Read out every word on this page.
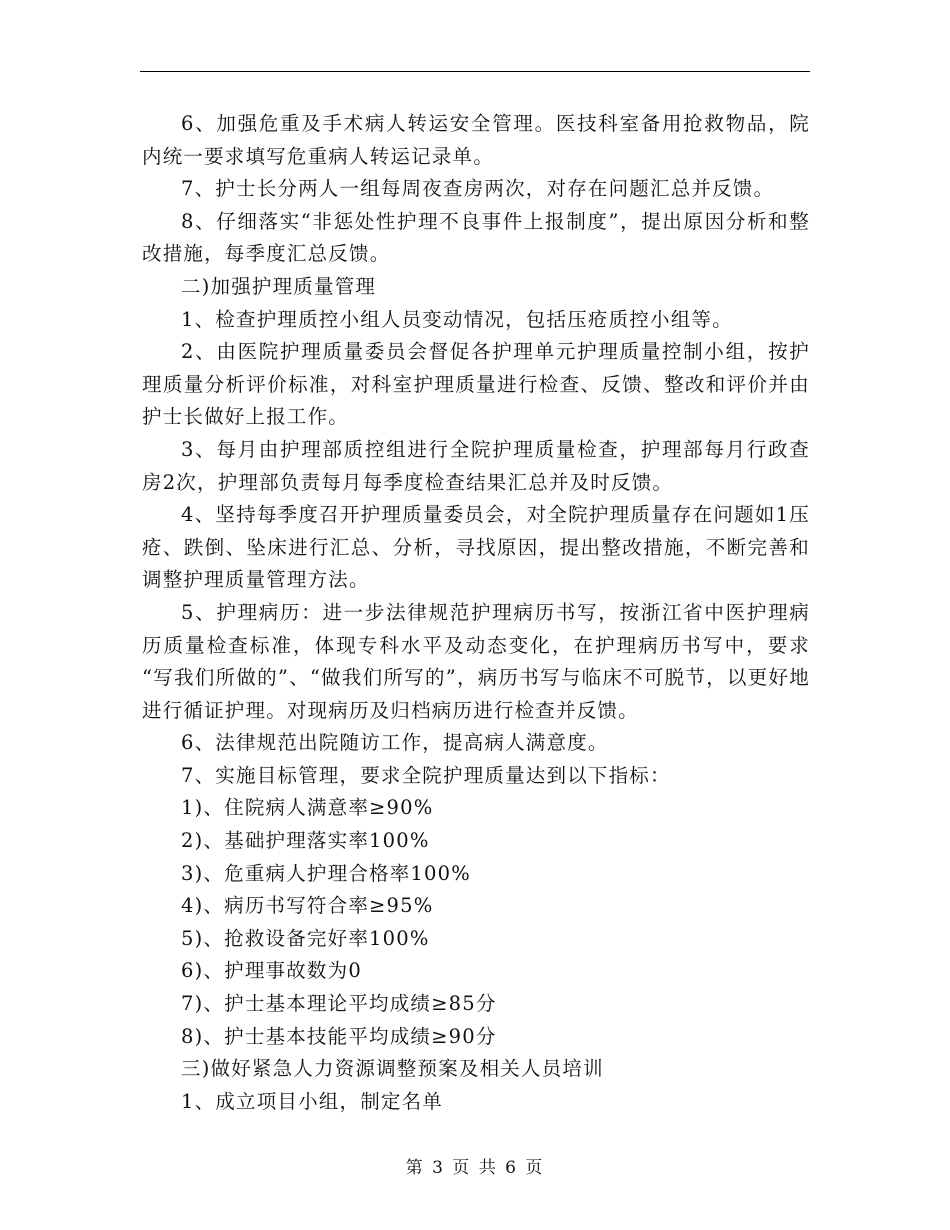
6、加强危重及手术病人转运安全管理。医技科室备用抢救物品，院内统一要求填写危重病人转运记录单。

7、护士长分两人一组每周夜查房两次，对存在问题汇总并反馈。

8、仔细落实“非惩处性护理不良事件上报制度”，提出原因分析和整改措施，每季度汇总反馈。

二)加强护理质量管理

1、检查护理质控小组人员变动情况，包括压疮质控小组等。

2、由医院护理质量委员会督促各护理单元护理质量控制小组，按护理质量分析评价标准，对科室护理质量进行检查、反馈、整改和评价并由护士长做好上报工作。

3、每月由护理部质控组进行全院护理质量检查，护理部每月行政查房2次，护理部负责每月每季度检查结果汇总并及时反馈。

4、坚持每季度召开护理质量委员会，对全院护理质量存在问题如1压疮、跌倒、坠床进行汇总、分析，寻找原因，提出整改措施，不断完善和调整护理质量管理方法。

5、护理病历：进一步法律规范护理病历书写，按浙江省中医护理病历质量检查标准，体现专科水平及动态变化，在护理病历书写中，要求 “写我们所做的”、“做我们所写的”，病历书写与临床不可脱节，以更好地进行循证护理。对现病历及归档病历进行检查并反馈。

6、法律规范出院随访工作，提高病人满意度。

7、实施目标管理，要求全院护理质量达到以下指标：

1)、住院病人满意率≥90%

2)、基础护理落实率100%

3)、危重病人护理合格率100%

4)、病历书写符合率≥95%

5)、抢救设备完好率100%

6)、护理事故数为0

7)、护士基本理论平均成绩≥85分

8)、护士基本技能平均成绩≥90分

三)做好紧急人力资源调整预案及相关人员培训

1、成立项目小组，制定名单

第 3 页 共 6 页
